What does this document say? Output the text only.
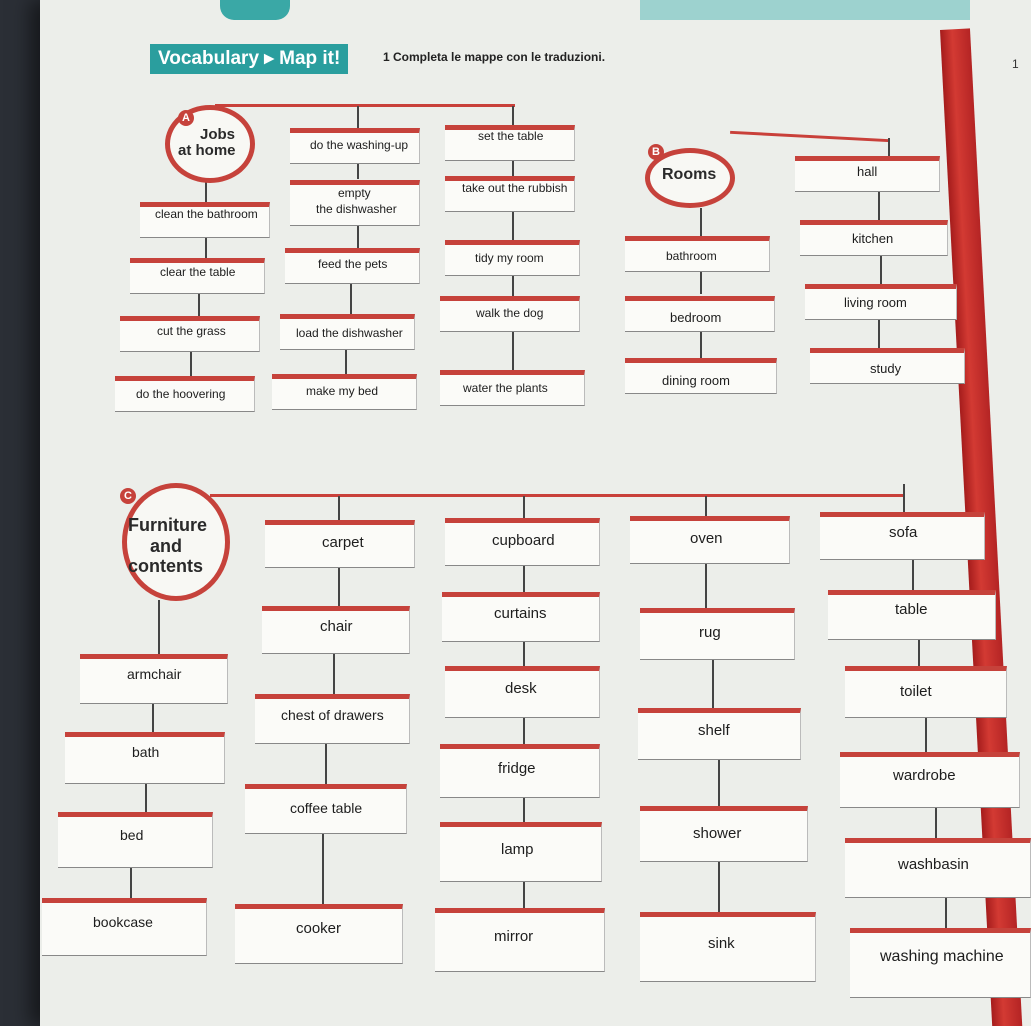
Vocabulary ▸ Map it!	1 Completa le mappe con le traduzioni.	1
A
Jobs
at home	do the washing-up
set the table
empty
the dishwasher
take out the rubbish
clean the bathroom
clear the table
feed the pets	tidy my room
cut the grass	load the dishwasher
walk the dog
do the hoovering	make my bed	water the plants
B
Rooms	hall
kitchen
bathroom
living room
bedroom
study
dining room
C
Furniture
and
contents
carpet	cupboard	oven	sofa
chair
curtains
rug
table
armchair
desk	toilet
chest of drawers
shelf
bath
fridge	wardrobe
coffee table
shower
bed
lamp
washbasin
bookcase	cooker	mirror	sink
washing machine
